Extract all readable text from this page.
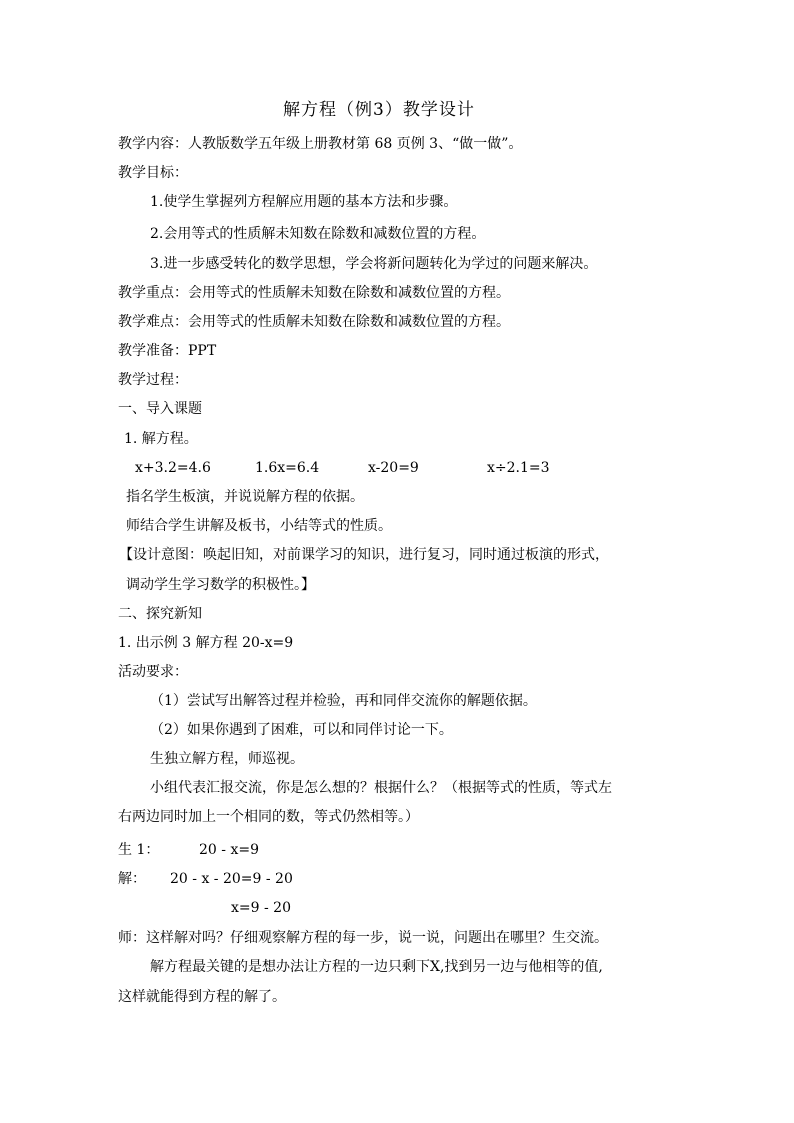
解方程（例3）教学设计
教学内容：人教版数学五年级上册教材第 68 页例 3、“做一做”。
教学目标：
1.使学生掌握列方程解应用题的基本方法和步骤。
2.会用等式的性质解未知数在除数和减数位置的方程。
3.进一步感受转化的数学思想，学会将新问题转化为学过的问题来解决。
教学重点：会用等式的性质解未知数在除数和减数位置的方程。
教学难点：会用等式的性质解未知数在除数和减数位置的方程。
教学准备：PPT
教学过程：
一、导入课题
1. 解方程。
x+3.2=4.6	1.6x=6.4	x-20=9	x÷2.1=3
指名学生板演，并说说解方程的依据。
师结合学生讲解及板书，小结等式的性质。
【设计意图：唤起旧知，对前课学习的知识，进行复习，同时通过板演的形式，
调动学生学习数学的积极性。】
二、探究新知
1. 出示例 3 解方程 20-x=9
活动要求：
（1）尝试写出解答过程并检验，再和同伴交流你的解题依据。
（2）如果你遇到了困难，可以和同伴讨论一下。
生独立解方程，师巡视。
小组代表汇报交流，你是怎么想的？根据什么？（根据等式的性质，等式左
右两边同时加上一个相同的数，等式仍然相等。）
生 1：	20 - x=9
解： 20 - x - 20=9 - 20
x=9 - 20
师：这样解对吗？仔细观察解方程的每一步，说一说，问题出在哪里？生交流。
解方程最关键的是想办法让方程的一边只剩下X,找到另一边与他相等的值,
这样就能得到方程的解了。
